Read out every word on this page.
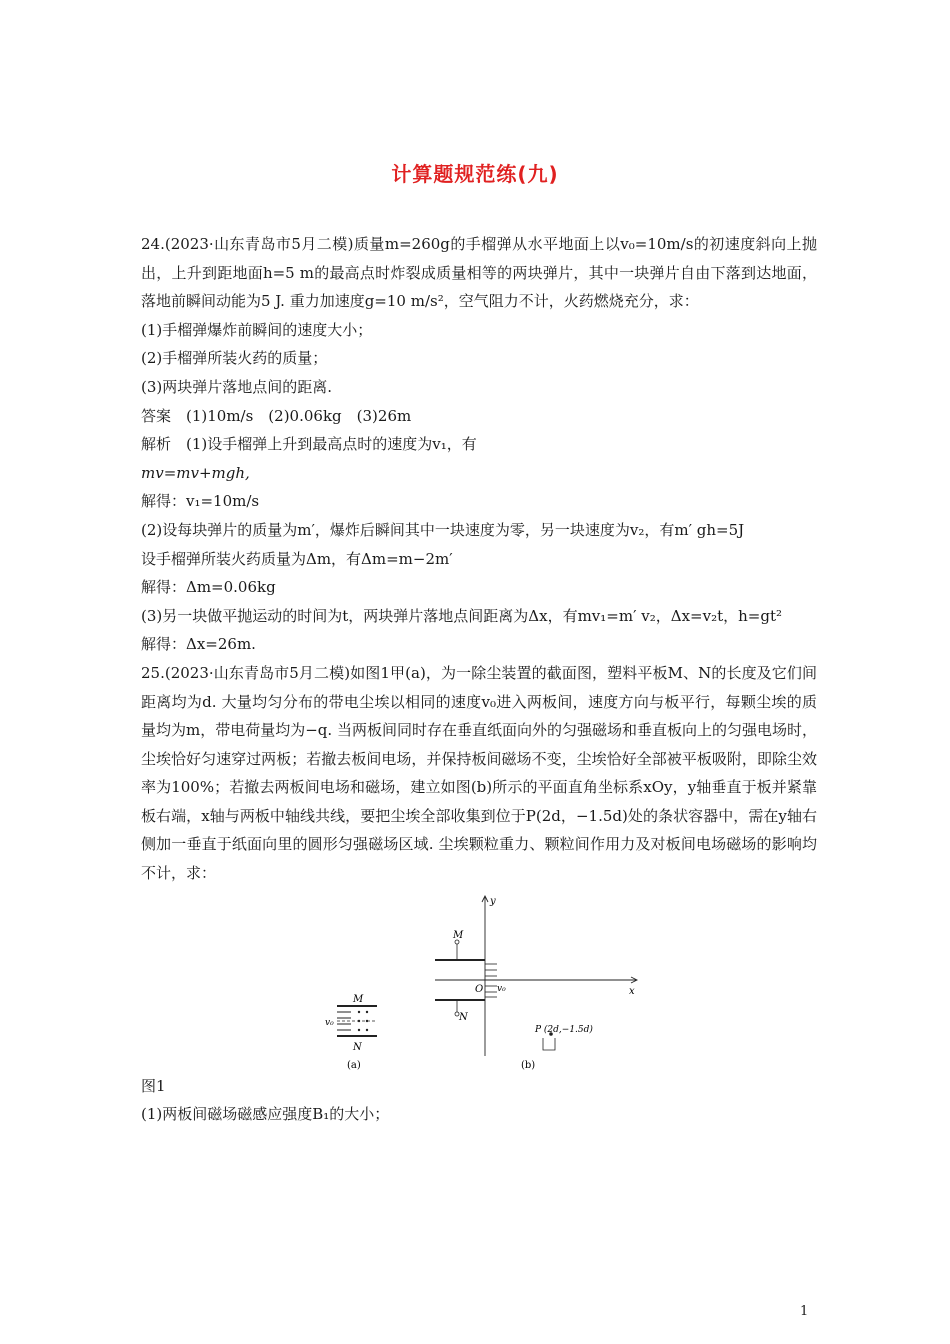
计算题规范练(九)

24.(2023·山东青岛市5月二模)质量m=260g的手榴弹从水平地面上以v₀=10m/s的初速度斜向上抛出，上升到距地面h=5 m的最高点时炸裂成质量相等的两块弹片，其中一块弹片自由下落到达地面，落地前瞬间动能为5 J. 重力加速度g=10 m/s²，空气阻力不计，火药燃烧充分，求：

(1)手榴弹爆炸前瞬间的速度大小；

(2)手榴弹所装火药的质量；

(3)两块弹片落地点间的距离.

答案　(1)10m/s　(2)0.06kg　(3)26m

解析　(1)设手榴弹上升到最高点时的速度为v₁，有

mv=mv+mgh,

解得：v₁=10m/s

(2)设每块弹片的质量为m′，爆炸后瞬间其中一块速度为零，另一块速度为v₂，有m′ gh=5J

设手榴弹所装火药质量为Δm，有Δm=m−2m′

解得：Δm=0.06kg

(3)另一块做平抛运动的时间为t，两块弹片落地点间距离为Δx，有mv₁=m′ v₂，Δx=v₂t，h=gt²

解得：Δx=26m.

25.(2023·山东青岛市5月二模)如图1甲(a)，为一除尘装置的截面图，塑料平板M、N的长度及它们间距离均为d. 大量均匀分布的带电尘埃以相同的速度v₀进入两板间，速度方向与板平行，每颗尘埃的质量均为m，带电荷量均为−q. 当两板间同时存在垂直纸面向外的匀强磁场和垂直板向上的匀强电场时，尘埃恰好匀速穿过两板；若撤去板间电场，并保持板间磁场不变，尘埃恰好全部被平板吸附，即除尘效率为100%；若撤去两板间电场和磁场，建立如图(b)所示的平面直角坐标系xOy，y轴垂直于板并紧靠板右端，x轴与两板中轴线共线，要把尘埃全部收集到位于P(2d，−1.5d)处的条状容器中，需在y轴右侧加一垂直于纸面向里的圆形匀强磁场区域. 尘埃颗粒重力、颗粒间作用力及对板间电场磁场的影响均不计，求：

M
N
v₀
(a)
y
x
O
M
N
v₀
P (2d,−1.5d)
(b)

图1

(1)两板间磁场磁感应强度B₁的大小；

1
